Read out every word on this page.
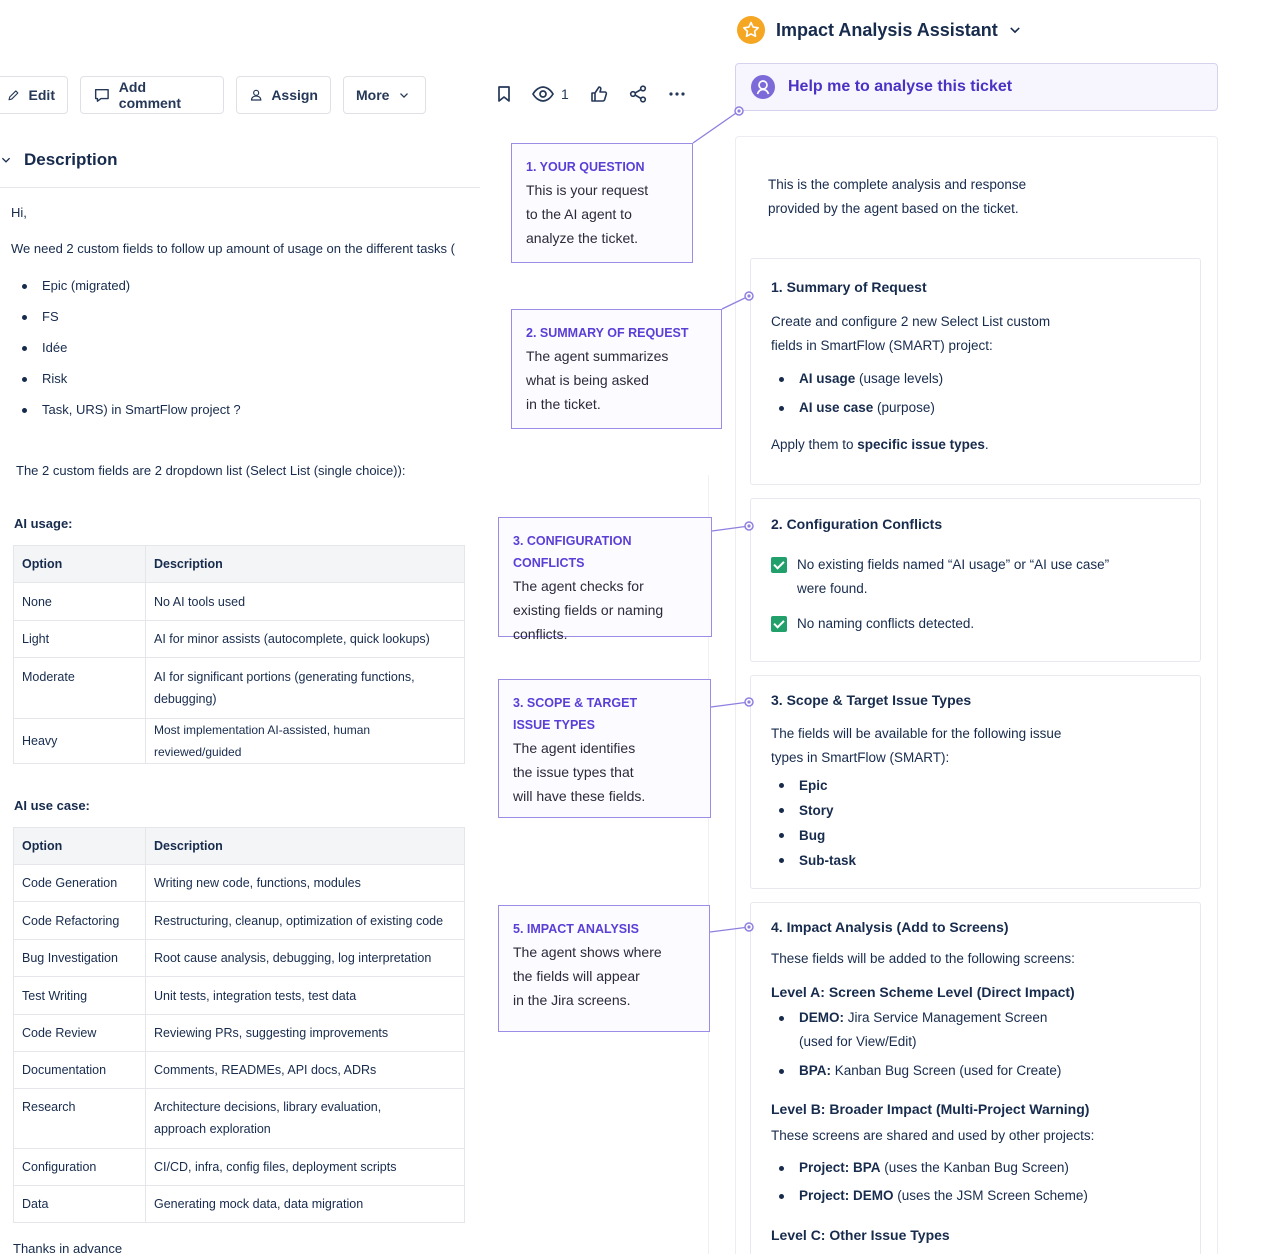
Edit	Add comment	Assign	More	1
Description
Hi,
We need 2 custom fields to follow up amount of usage on the different tasks (
Epic (migrated)
FS
Idée
Risk
Task, URS) in SmartFlow project ?
The 2 custom fields are 2 dropdown list (Select List (single choice)):
AI usage:
Option	Description
None	No AI tools used
Light	AI for minor assists (autocomplete, quick lookups)
Moderate	AI for significant portions (generating functions,
debugging)

Heavy	Most implementation AI-assisted, human reviewed/guided
AI use case:
Option	Description
Code Generation	Writing new code, functions, modules
Code Refactoring	Restructuring, cleanup, optimization of existing code
Bug Investigation	Root cause analysis, debugging, log interpretation
Test Writing	Unit tests, integration tests, test data
Code Review	Reviewing PRs, suggesting improvements
Documentation	Comments, READMEs, API docs, ADRs
Research	Architecture decisions, library evaluation,
approach exploration

Configuration	CI/CD, infra, config files, deployment scripts
Data	Generating mock data, data migration
Thanks in advance
1. YOUR QUESTION
This is your request
to the AI agent to
analyze the ticket.
2. SUMMARY OF REQUEST
The agent summarizes
what is being asked
in the ticket.
3. CONFIGURATION CONFLICTS
The agent checks for
existing fields or naming
conflicts.
3. SCOPE & TARGET
ISSUE TYPES
The agent identifies
the issue types that
will have these fields.
5. IMPACT ANALYSIS
The agent shows where
the fields will appear
in the Jira screens.
Impact Analysis Assistant
Help me to analyse this ticket
This is the complete analysis and response
provided by the agent based on the ticket.
1. Summary of Request
Create and configure 2 new Select List custom
fields in SmartFlow (SMART) project:
AI usage (usage levels)
AI use case (purpose)
Apply them to specific issue types.
2. Configuration Conflicts
No existing fields named “AI usage” or “AI use case”
were found.
No naming conflicts detected.
3. Scope & Target Issue Types
The fields will be available for the following issue
types in SmartFlow (SMART):
Epic
Story
Bug
Sub-task
4. Impact Analysis (Add to Screens)
These fields will be added to the following screens:
Level A: Screen Scheme Level (Direct Impact)
DEMO: Jira Service Management Screen
(used for View/Edit)
BPA: Kanban Bug Screen (used for Create)
Level B: Broader Impact (Multi-Project Warning)
These screens are shared and used by other projects:
Project: BPA (uses the Kanban Bug Screen)
Project: DEMO (uses the JSM Screen Scheme)
Level C: Other Issue Types
